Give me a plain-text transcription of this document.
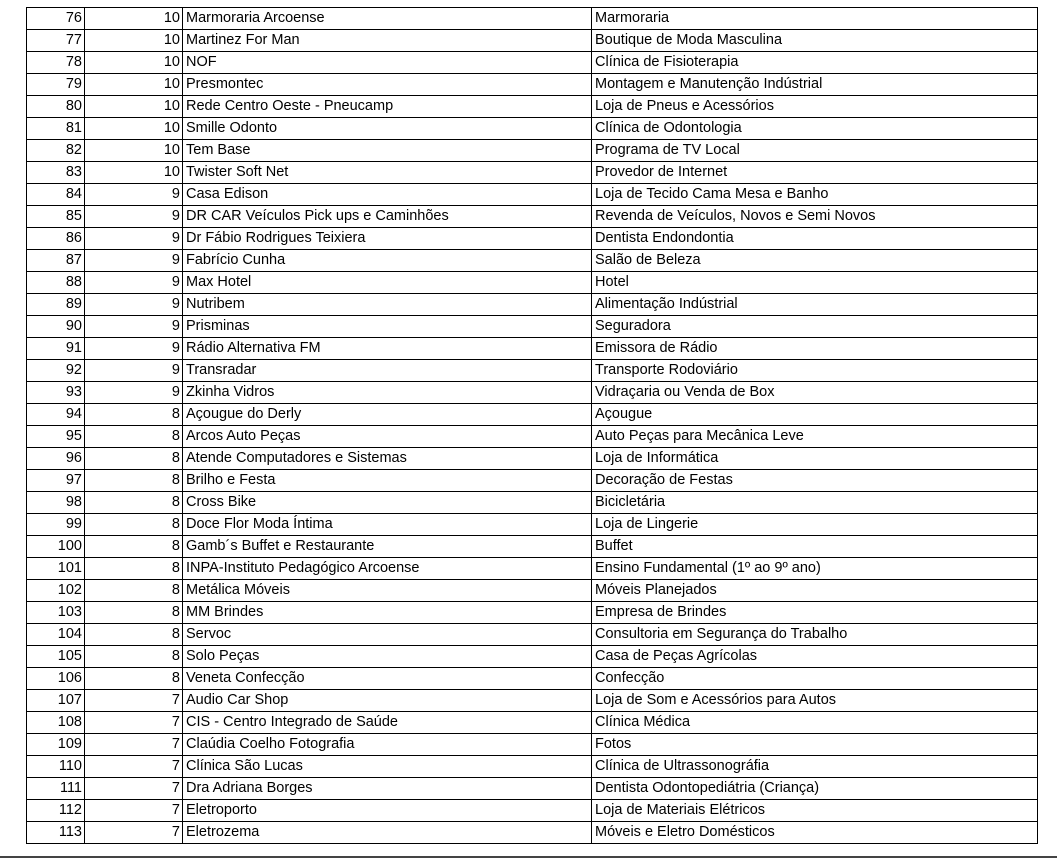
76	10	Marmoraria Arcoense	Marmoraria
77	10	Martinez For Man	Boutique de Moda Masculina
78	10	NOF	Clínica de Fisioterapia
79	10	Presmontec	Montagem e Manutenção Indústrial
80	10	Rede Centro Oeste - Pneucamp	Loja de Pneus e Acessórios
81	10	Smille Odonto	Clínica de Odontologia
82	10	Tem Base	Programa de TV Local
83	10	Twister Soft Net	Provedor de Internet
84	9	Casa Edison	Loja de Tecido Cama Mesa e Banho
85	9	DR CAR Veículos Pick ups e Caminhões	Revenda de Veículos, Novos e Semi Novos
86	9	Dr Fábio Rodrigues Teixiera	Dentista Endondontia
87	9	Fabrício Cunha	Salão de Beleza
88	9	Max Hotel	Hotel
89	9	Nutribem	Alimentação Indústrial
90	9	Prisminas	Seguradora
91	9	Rádio Alternativa FM	Emissora de Rádio
92	9	Transradar	Transporte Rodoviário
93	9	Zkinha Vidros	Vidraçaria ou Venda de Box
94	8	Açougue do Derly	Açougue
95	8	Arcos Auto Peças	Auto Peças para Mecânica Leve
96	8	Atende Computadores e Sistemas	Loja de Informática
97	8	Brilho e Festa	Decoração de Festas
98	8	Cross Bike	Bicicletária
99	8	Doce Flor Moda Íntima	Loja de Lingerie
100	8	Gamb´s Buffet e Restaurante	Buffet
101	8	INPA-Instituto Pedagógico Arcoense	Ensino Fundamental (1º ao 9º ano)
102	8	Metálica Móveis	Móveis Planejados
103	8	MM Brindes	Empresa de Brindes
104	8	Servoc	Consultoria em Segurança do Trabalho
105	8	Solo Peças	Casa de Peças Agrícolas
106	8	Veneta Confecção	Confecção
107	7	Audio Car Shop	Loja de Som e Acessórios para Autos
108	7	CIS - Centro Integrado de Saúde	Clínica Médica
109	7	Claúdia Coelho Fotografia	Fotos
110	7	Clínica São Lucas	Clínica de Ultrassonográfia
111	7	Dra Adriana Borges	Dentista Odontopediátria (Criança)
112	7	Eletroporto	Loja de Materiais Elétricos
113	7	Eletrozema	Móveis e Eletro Domésticos
